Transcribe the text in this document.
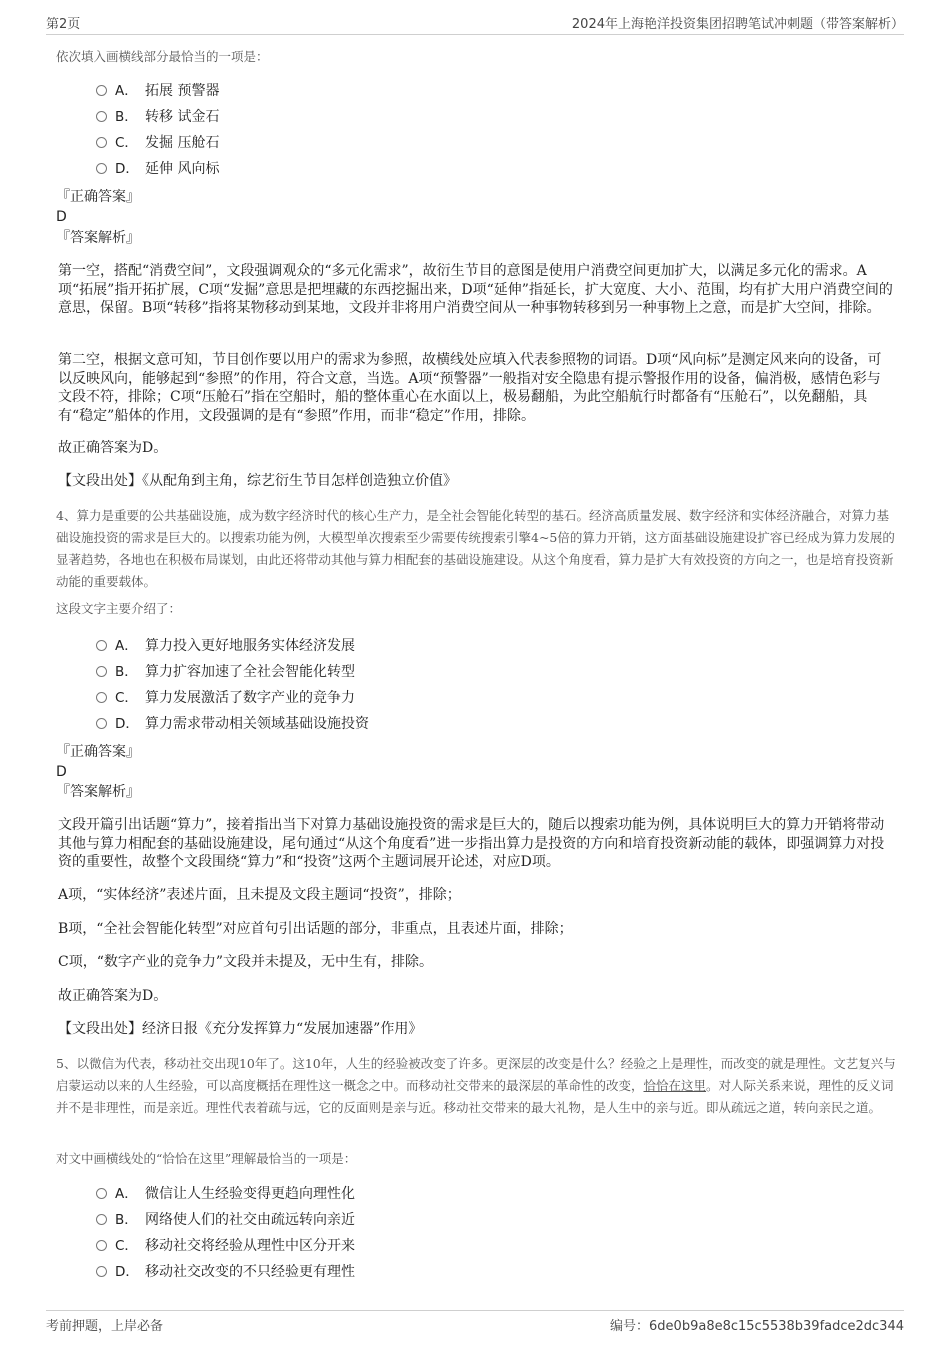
第2页	2024年上海艳洋投资集团招聘笔试冲刺题（带答案解析）
依次填入画横线部分最恰当的一项是：
A． 拓展 预警器
B． 转移 试金石
C． 发掘 压舱石
D． 延伸 风向标
『正确答案』
D
『答案解析』
第一空，搭配“消费空间”，文段强调观众的“多元化需求”，故衍生节目的意图是使用户消费空间更加扩大，以满足多元化的需求。A项“拓展”指开拓扩展，C项“发掘”意思是把埋藏的东西挖掘出来，D项“延伸”指延长，扩大宽度、大小、范围，均有扩大用户消费空间的意思，保留。B项“转移”指将某物移动到某地，文段并非将用户消费空间从一种事物转移到另一种事物上之意，而是扩大空间，排除。
第二空，根据文意可知，节目创作要以用户的需求为参照，故横线处应填入代表参照物的词语。D项“风向标”是测定风来向的设备，可以反映风向，能够起到“参照”的作用，符合文意，当选。A项“预警器”一般指对安全隐患有提示警报作用的设备，偏消极，感情色彩与文段不符，排除；C项“压舱石”指在空船时，船的整体重心在水面以上，极易翻船，为此空船航行时都备有“压舱石”，以免翻船，具有“稳定”船体的作用，文段强调的是有“参照”作用，而非“稳定”作用，排除。
故正确答案为D。
【文段出处】《从配角到主角，综艺衍生节目怎样创造独立价值》
4、算力是重要的公共基础设施，成为数字经济时代的核心生产力，是全社会智能化转型的基石。经济高质量发展、数字经济和实体经济融合，对算力基础设施投资的需求是巨大的。以搜索功能为例，大模型单次搜索至少需要传统搜索引擎4~5倍的算力开销，这方面基础设施建设扩容已经成为算力发展的显著趋势，各地也在积极布局谋划，由此还将带动其他与算力相配套的基础设施建设。从这个角度看，算力是扩大有效投资的方向之一，也是培育投资新动能的重要载体。
这段文字主要介绍了：
A． 算力投入更好地服务实体经济发展
B． 算力扩容加速了全社会智能化转型
C． 算力发展激活了数字产业的竞争力
D． 算力需求带动相关领域基础设施投资
『正确答案』
D
『答案解析』
文段开篇引出话题“算力”，接着指出当下对算力基础设施投资的需求是巨大的，随后以搜索功能为例，具体说明巨大的算力开销将带动其他与算力相配套的基础设施建设，尾句通过“从这个角度看”进一步指出算力是投资的方向和培育投资新动能的载体，即强调算力对投资的重要性，故整个文段围绕“算力”和“投资”这两个主题词展开论述，对应D项。
A项，“实体经济”表述片面，且未提及文段主题词“投资”，排除；
B项，“全社会智能化转型”对应首句引出话题的部分，非重点，且表述片面，排除；
C项，“数字产业的竞争力”文段并未提及，无中生有，排除。
故正确答案为D。
【文段出处】经济日报《充分发挥算力“发展加速器”作用》
5、以微信为代表，移动社交出现10年了。这10年，人生的经验被改变了许多。更深层的改变是什么？经验之上是理性，而改变的就是理性。文艺复兴与启蒙运动以来的人生经验，可以高度概括在理性这一概念之中。而移动社交带来的最深层的革命性的改变，恰恰在这里。对人际关系来说，理性的反义词并不是非理性，而是亲近。理性代表着疏与远，它的反面则是亲与近。移动社交带来的最大礼物，是人生中的亲与近。即从疏远之道，转向亲民之道。
对文中画横线处的“恰恰在这里”理解最恰当的一项是：
A． 微信让人生经验变得更趋向理性化
B． 网络使人们的社交由疏远转向亲近
C． 移动社交将经验从理性中区分开来
D． 移动社交改变的不只经验更有理性
考前押题，上岸必备	编号：6de0b9a8e8c15c5538b39fadce2dc344
